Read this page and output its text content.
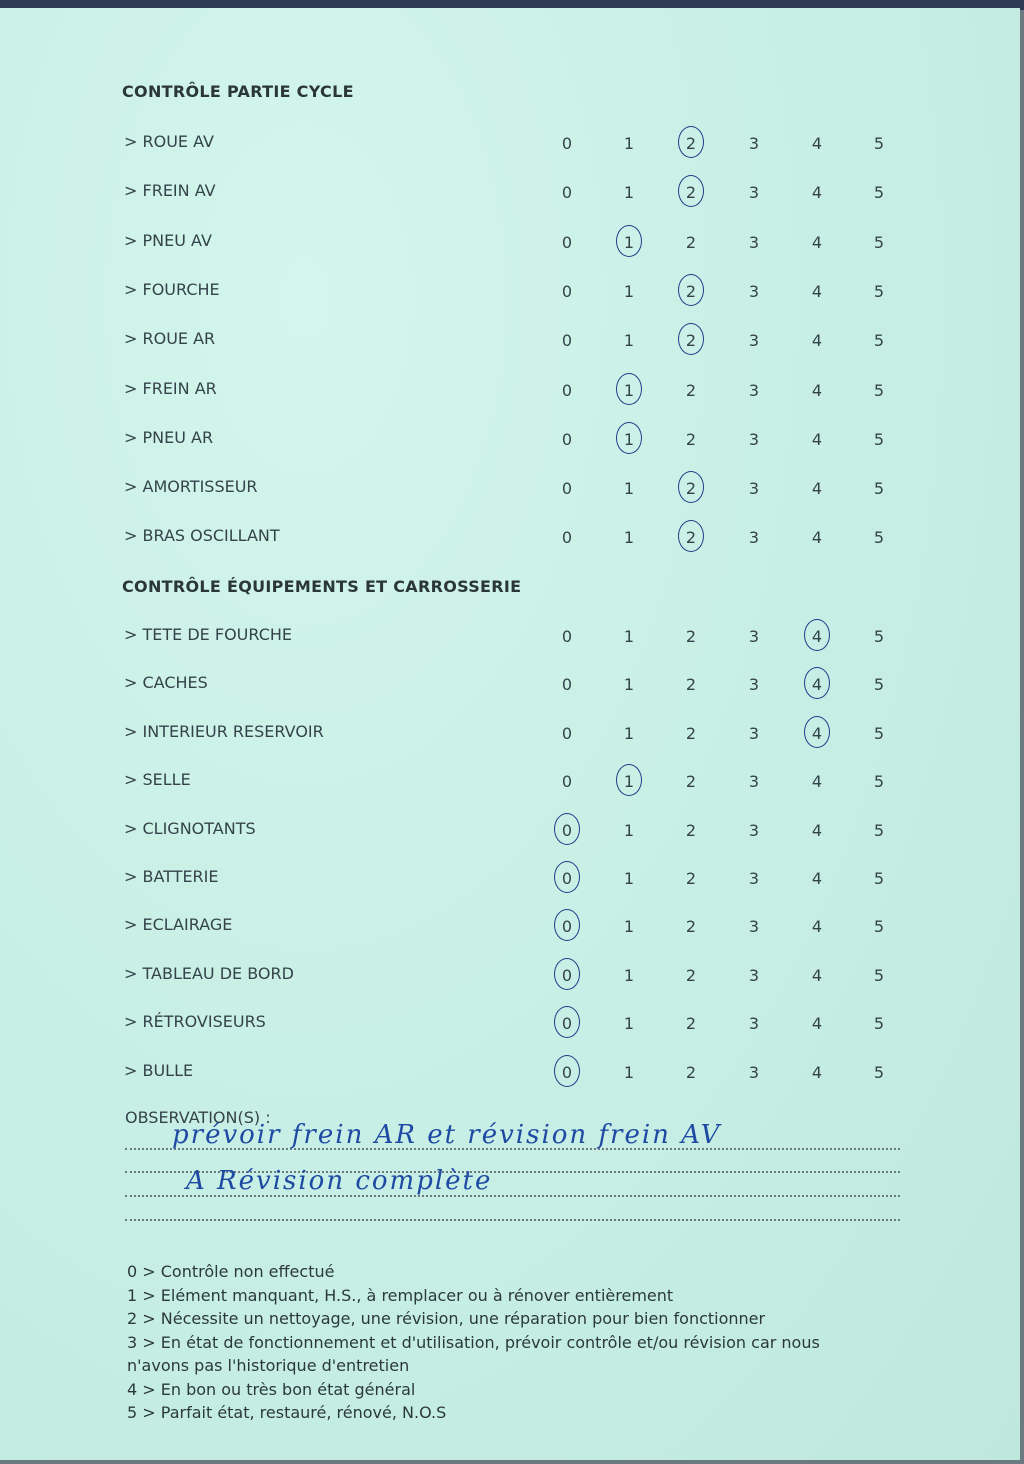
CONTRÔLE PARTIE CYCLE
> ROUE AV	0	1	2	3	4	5
> FREIN AV	0	1	2	3	4	5
> PNEU AV	0	1	2	3	4	5
> FOURCHE	0	1	2	3	4	5
> ROUE AR	0	1	2	3	4	5
> FREIN AR	0	1	2	3	4	5
> PNEU AR	0	1	2	3	4	5
> AMORTISSEUR	0	1	2	3	4	5
> BRAS OSCILLANT	0	1	2	3	4	5
CONTRÔLE ÉQUIPEMENTS ET CARROSSERIE
> TETE DE FOURCHE	0	1	2	3	4	5
> CACHES	0	1	2	3	4	5
> INTERIEUR RESERVOIR	0	1	2	3	4	5
> SELLE	0	1	2	3	4	5
> CLIGNOTANTS	0	1	2	3	4	5
> BATTERIE	0	1	2	3	4	5
> ECLAIRAGE	0	1	2	3	4	5
> TABLEAU DE BORD	0	1	2	3	4	5
> RÉTROVISEURS	0	1	2	3	4	5
> BULLE	0	1	2	3	4	5
OBSERVATION(S) :
prévoir frein AR et révision frein AV
A Révision complète
0 > Contrôle non effectué
1 > Elément manquant, H.S., à remplacer ou à rénover entièrement
2 > Nécessite un nettoyage, une révision, une réparation pour bien fonctionner
3 > En état de fonctionnement et d'utilisation, prévoir contrôle et/ou révision car nous
n'avons pas l'historique d'entretien
4 > En bon ou très bon état général
5 > Parfait état, restauré, rénové, N.O.S
